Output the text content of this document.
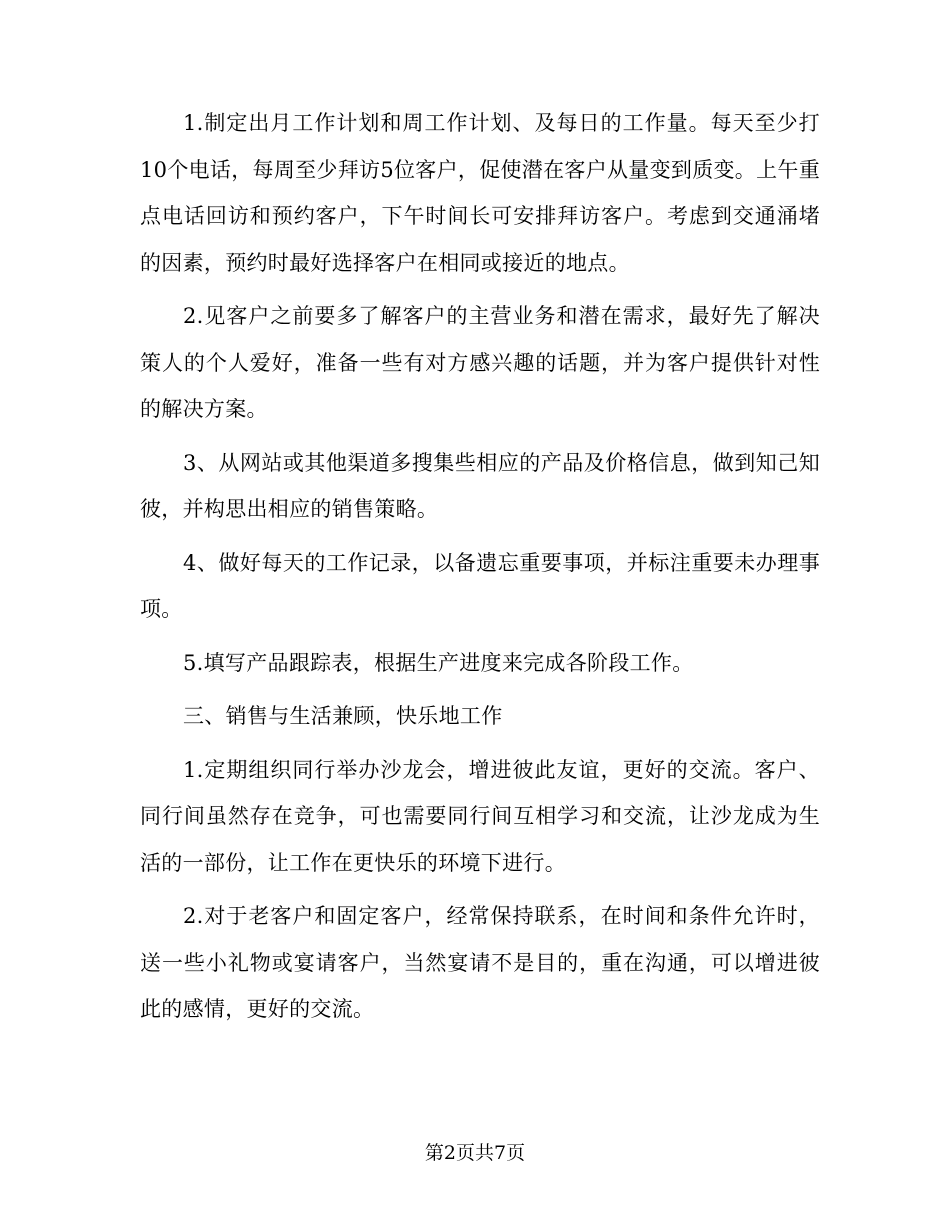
1.制定出月工作计划和周工作计划、及每日的工作量。每天至少打10个电话，每周至少拜访5位客户，促使潜在客户从量变到质变。上午重点电话回访和预约客户，下午时间长可安排拜访客户。考虑到交通涌堵的因素，预约时最好选择客户在相同或接近的地点。

2.见客户之前要多了解客户的主营业务和潜在需求，最好先了解决策人的个人爱好，准备一些有对方感兴趣的话题，并为客户提供针对性的解决方案。

3、从网站或其他渠道多搜集些相应的产品及价格信息，做到知己知彼，并构思出相应的销售策略。

4、做好每天的工作记录，以备遗忘重要事项，并标注重要未办理事项。

5.填写产品跟踪表，根据生产进度来完成各阶段工作。

三、销售与生活兼顾，快乐地工作

1.定期组织同行举办沙龙会，增进彼此友谊，更好的交流。客户、同行间虽然存在竞争，可也需要同行间互相学习和交流，让沙龙成为生活的一部份，让工作在更快乐的环境下进行。

2.对于老客户和固定客户，经常保持联系，在时间和条件允许时，送一些小礼物或宴请客户，当然宴请不是目的，重在沟通，可以增进彼此的感情，更好的交流。

第2页共7页
